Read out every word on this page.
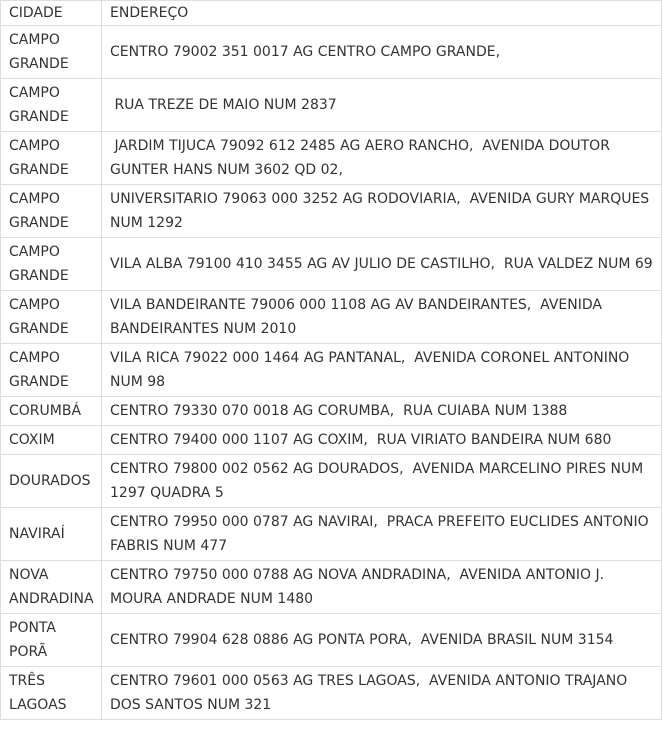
CIDADE	ENDEREÇO
CAMPO GRANDE	CENTRO 79002 351 0017 AG CENTRO CAMPO GRANDE,
CAMPO GRANDE	RUA TREZE DE MAIO NUM 2837
CAMPO GRANDE	JARDIM TIJUCA 79092 612 2485 AG AERO RANCHO,  AVENIDA DOUTOR GUNTER HANS NUM 3602 QD 02,
CAMPO GRANDE	UNIVERSITARIO 79063 000 3252 AG RODOVIARIA,  AVENIDA GURY MARQUES NUM 1292
CAMPO GRANDE	VILA ALBA 79100 410 3455 AG AV JULIO DE CASTILHO,  RUA VALDEZ NUM 69
CAMPO GRANDE	VILA BANDEIRANTE 79006 000 1108 AG AV BANDEIRANTES,  AVENIDA BANDEIRANTES NUM 2010
CAMPO GRANDE	VILA RICA 79022 000 1464 AG PANTANAL,  AVENIDA CORONEL ANTONINO NUM 98
CORUMBÁ	CENTRO 79330 070 0018 AG CORUMBA,  RUA CUIABA NUM 1388
COXIM	CENTRO 79400 000 1107 AG COXIM,  RUA VIRIATO BANDEIRA NUM 680
DOURADOS	CENTRO 79800 002 0562 AG DOURADOS,  AVENIDA MARCELINO PIRES NUM 1297 QUADRA 5
NAVIRAÍ	CENTRO 79950 000 0787 AG NAVIRAI,  PRACA PREFEITO EUCLIDES ANTONIO FABRIS NUM 477
NOVA ANDRADINA	CENTRO 79750 000 0788 AG NOVA ANDRADINA,  AVENIDA ANTONIO J. MOURA ANDRADE NUM 1480
PONTA PORÃ	CENTRO 79904 628 0886 AG PONTA PORA,  AVENIDA BRASIL NUM 3154
TRÊS LAGOAS	CENTRO 79601 000 0563 AG TRES LAGOAS,  AVENIDA ANTONIO TRAJANO DOS SANTOS NUM 321
